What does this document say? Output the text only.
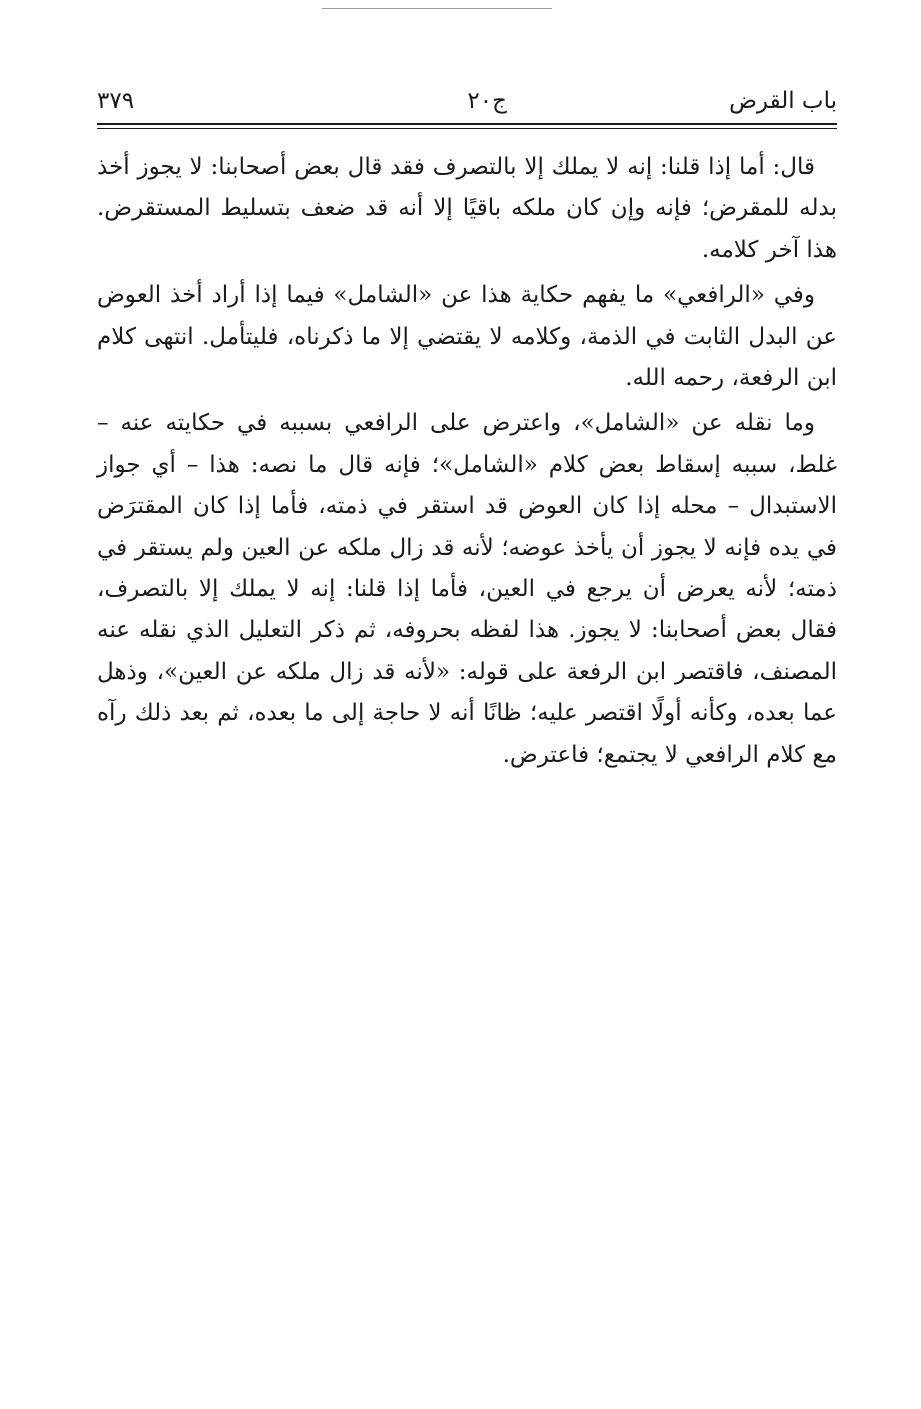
باب القرض
ج٢٠
٣٧٩

قال: أما إذا قلنا: إنه لا يملك إلا بالتصرف فقد قال بعض أصحابنا: لا يجوز أخذ بدله للمقرض؛ فإنه وإن كان ملكه باقيًا إلا أنه قد ضعف بتسليط المستقرض. هذا آخر كلامه.

وفي «الرافعي» ما يفهم حكاية هذا عن «الشامل» فيما إذا أراد أخذ العوض عن البدل الثابت في الذمة، وكلامه لا يقتضي إلا ما ذكرناه، فليتأمل. انتهى كلام ابن الرفعة، رحمه الله.

وما نقله عن «الشامل»، واعترض على الرافعي بسببه في حكايته عنه – غلط، سببه إسقاط بعض كلام «الشامل»؛ فإنه قال ما نصه: هذا – أي جواز الاستبدال – محله إذا كان العوض قد استقر في ذمته، فأما إذا كان المقترَض في يده فإنه لا يجوز أن يأخذ عوضه؛ لأنه قد زال ملكه عن العين ولم يستقر في ذمته؛ لأنه يعرض أن يرجع في العين، فأما إذا قلنا: إنه لا يملك إلا بالتصرف، فقال بعض أصحابنا: لا يجوز. هذا لفظه بحروفه، ثم ذكر التعليل الذي نقله عنه المصنف، فاقتصر ابن الرفعة على قوله: «لأنه قد زال ملكه عن العين»، وذهل عما بعده، وكأنه أولًا اقتصر عليه؛ ظانًا أنه لا حاجة إلى ما بعده، ثم بعد ذلك رآه مع كلام الرافعي لا يجتمع؛ فاعترض.
